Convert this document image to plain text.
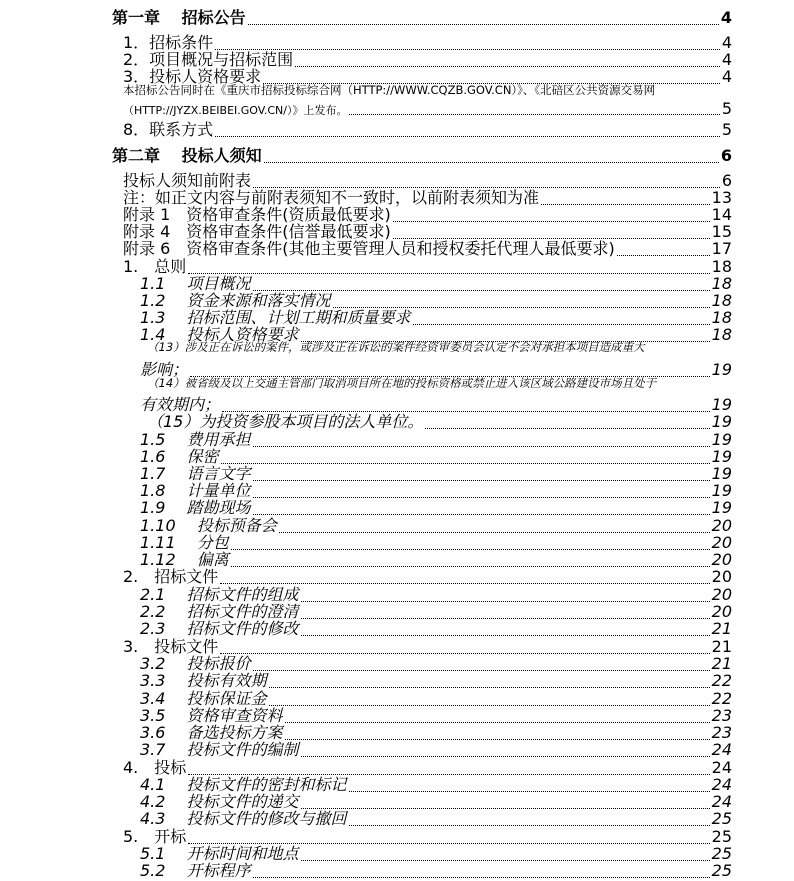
第一章　 招标公告	4
1．招标条件	4
2．项目概况与招标范围	4
3．投标人资格要求	4
本招标公告同时在《重庆市招标投标综合网（HTTP://WWW.CQZB.GOV.CN）》、《北碚区公共资源交易网
（HTTP://JYZX.BEIBEI.GOV.CN/）》上发布。	5
8．联系方式	5
第二章　 投标人须知	6
投标人须知前附表	6
注：如正文内容与前附表须知不一致时，以前附表须知为准	13
附录 1　资格审查条件(资质最低要求)	14
附录 4　资格审查条件(信誉最低要求)	15
附录 6　资格审查条件(其他主要管理人员和授权委托代理人最低要求)	17
1.　总则	18
1.1　 项目概况	18
1.2　 资金来源和落实情况	18
1.3　 招标范围、计划工期和质量要求	18
1.4　 投标人资格要求	18
（13）涉及正在诉讼的案件，或涉及正在诉讼的案件经资审委员会认定不会对承担本项目造成重大
影响；	19
（14）被省级及以上交通主管部门取消项目所在地的投标资格或禁止进入该区域公路建设市场且处于
有效期内；	19
（15）为投资参股本项目的法人单位。	19
1.5　 费用承担	19
1.6　 保密	19
1.7　 语言文字	19
1.8　 计量单位	19
1.9　 踏勘现场	19
1.10　 投标预备会	20
1.11　 分包	20
1.12　 偏离	20
2.　招标文件	20
2.1　 招标文件的组成	20
2.2　 招标文件的澄清	20
2.3　 招标文件的修改	21
3.　投标文件	21
3.2　 投标报价	21
3.3　 投标有效期	22
3.4　 投标保证金	22
3.5　 资格审查资料	23
3.6　 备选投标方案	23
3.7　 投标文件的编制	24
4.　投标	24
4.1　 投标文件的密封和标记	24
4.2　 投标文件的递交	24
4.3　 投标文件的修改与撤回	25
5.　开标	25
5.1　 开标时间和地点	25
5.2　 开标程序	25
